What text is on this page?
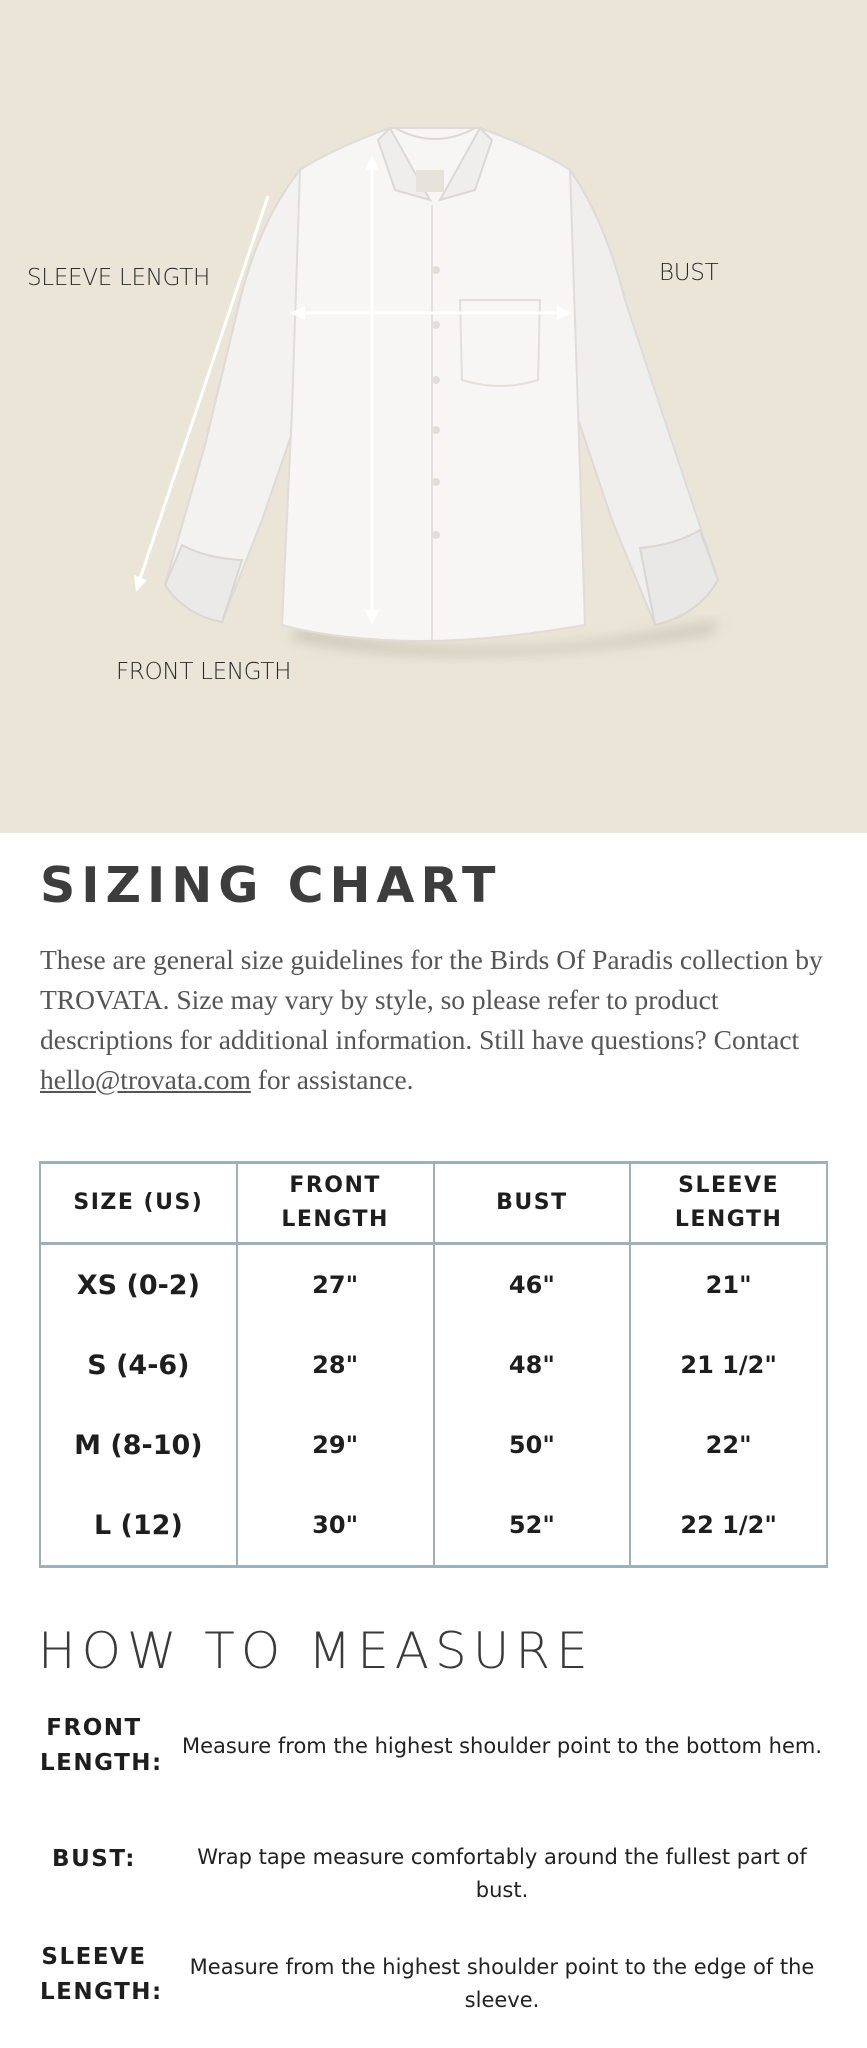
SLEEVE LENGTH	BUST
FRONT LENGTH
SIZING CHART

These are general size guidelines for the Birds Of Paradis collection by TROVATA. Size may vary by style, so please refer to product descriptions for additional information. Still have questions? Contact hello@trovata.com for assistance.

SIZE (US)	FRONT LENGTH	BUST	SLEEVE LENGTH
XS (0-2)	27"	46"	21"
S (4-6)	28"	48"	21 1/2"
M (8-10)	29"	50"	22"
L (12)	30"	52"	22 1/2"
HOW TO MEASURE
FRONT LENGTH:
Measure from the highest shoulder point to the bottom hem.
BUST:	Wrap tape measure comfortably around the fullest part of bust.
SLEEVE LENGTH:
Measure from the highest shoulder point to the edge of the sleeve.
